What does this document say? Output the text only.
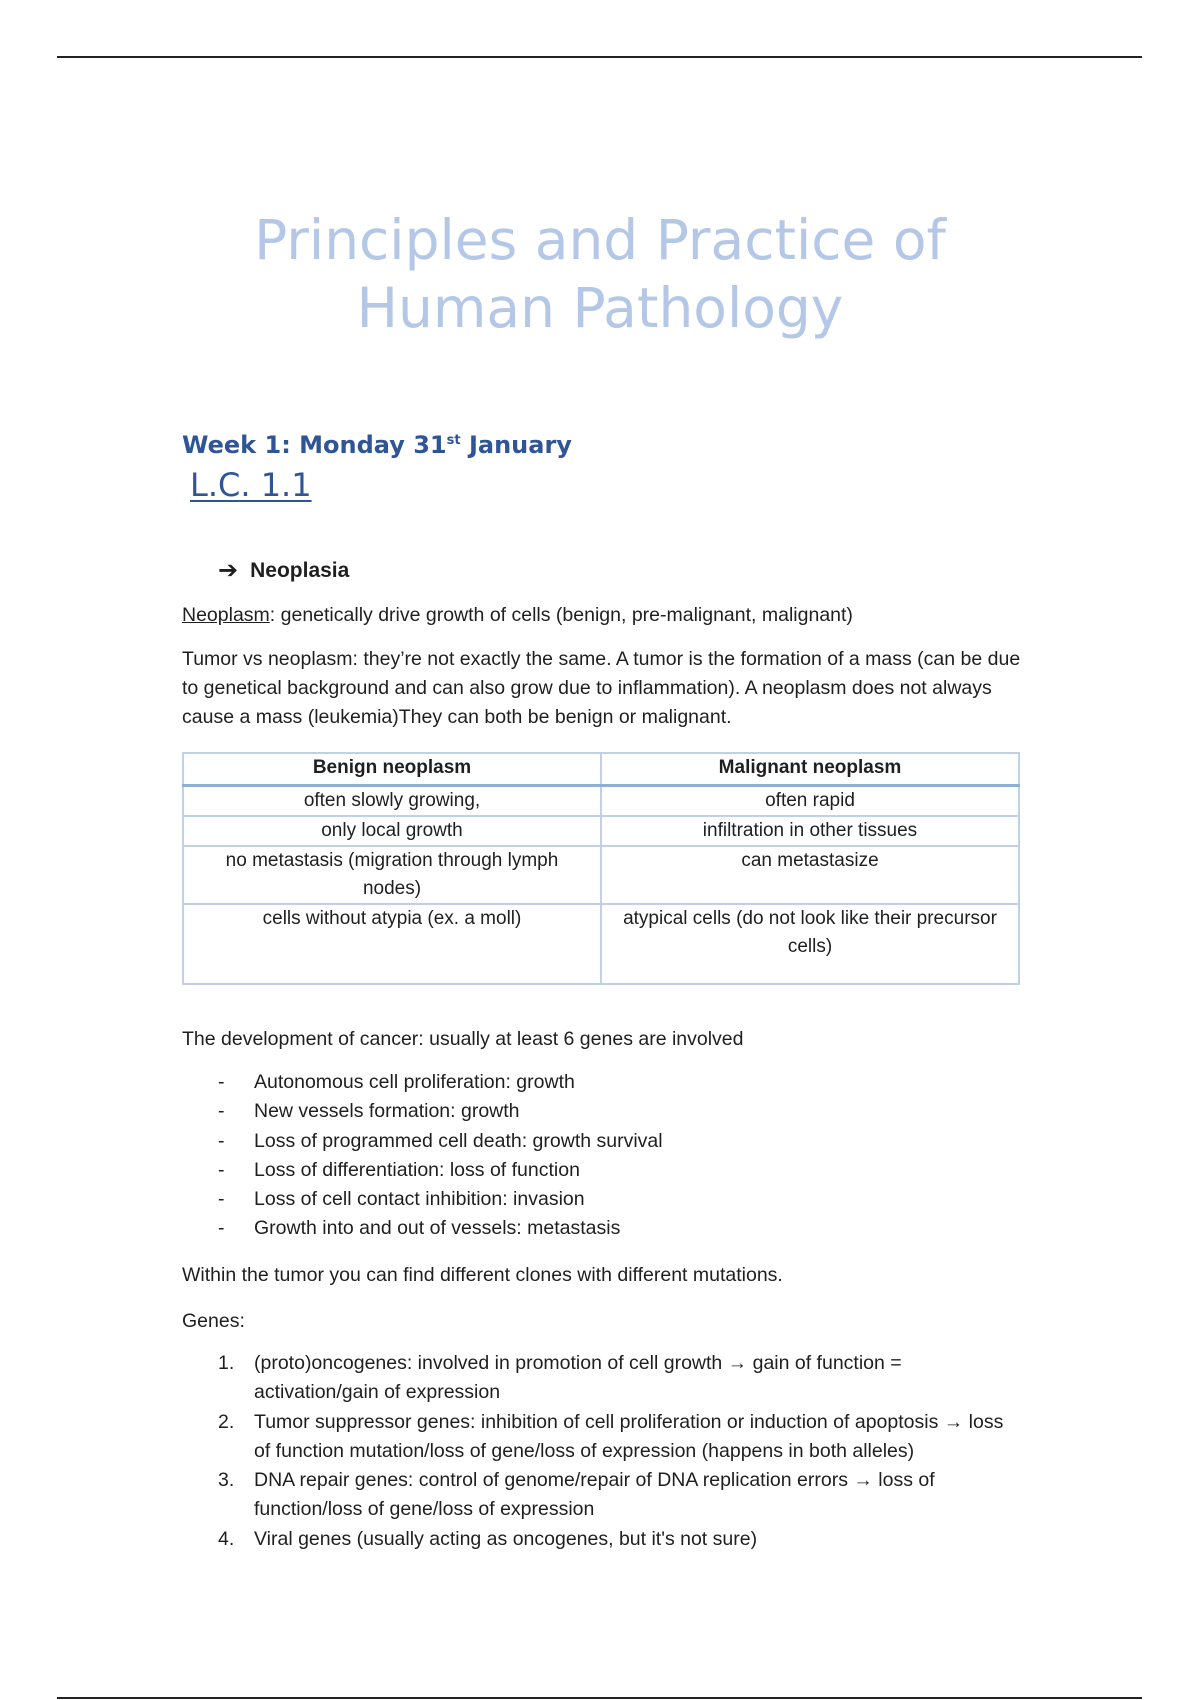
Principles and Practice of
Human Pathology
Week 1: Monday 31st January
L.C. 1.1
➔ Neoplasia
Neoplasm: genetically drive growth of cells (benign, pre-malignant, malignant)
Tumor vs neoplasm: they’re not exactly the same. A tumor is the formation of a mass (can be due to genetical background and can also grow due to inflammation). A neoplasm does not always cause a mass (leukemia)They can both be benign or malignant.
Benign neoplasm	Malignant neoplasm
often slowly growing,	often rapid
only local growth	infiltration in other tissues
no metastasis (migration through lymph nodes)	can metastasize
cells without atypia (ex. a moll)	atypical cells (do not look like their precursor cells)
The development of cancer: usually at least 6 genes are involved
- Autonomous cell proliferation: growth
- New vessels formation: growth
- Loss of programmed cell death: growth survival
- Loss of differentiation: loss of function
- Loss of cell contact inhibition: invasion
- Growth into and out of vessels: metastasis
Within the tumor you can find different clones with different mutations.
Genes:
1. (proto)oncogenes: involved in promotion of cell growth → gain of function = activation/gain of expression
2. Tumor suppressor genes: inhibition of cell proliferation or induction of apoptosis → loss of function mutation/loss of gene/loss of expression (happens in both alleles)
3. DNA repair genes: control of genome/repair of DNA replication errors → loss of function/loss of gene/loss of expression
4. Viral genes (usually acting as oncogenes, but it's not sure)
